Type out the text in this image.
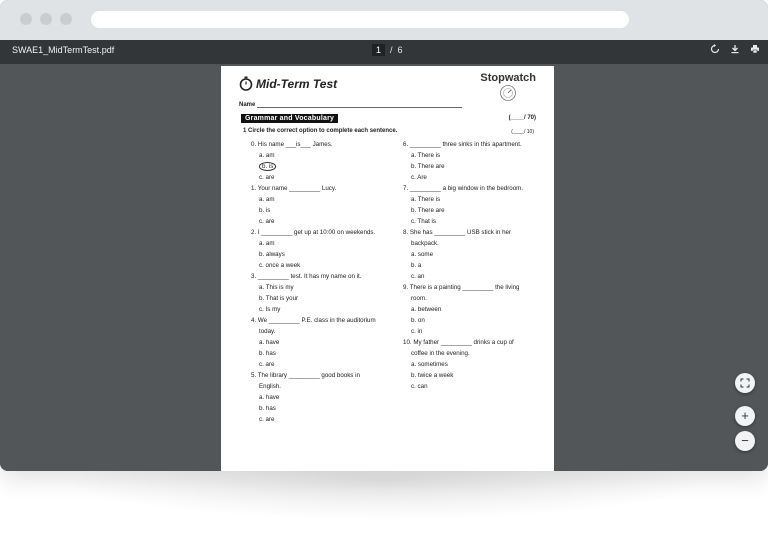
SWAE1_MidTermTest.pdf	1	/ 6
Mid-Term Test	Stopwatch
Name
Grammar and Vocabulary	(____/ 70)
1 Circle the correct option to complete each sentence.	(____/ 10)
0. His name ___is___ James.
a. am
b. is
c. are
1. Your name _________ Lucy.
a. am
b. is
c. are
2. I _________ get up at 10:00 on weekends.
a. am
b. always
c. once a week
3. _________ test. It has my name on it.
a. This is my
b. That is your
c. Is my
4. We _________ P.E. class in the auditorium
today.
a. have
b. has
c. are
5. The library _________ good books in
English.
a. have
b. has
c. are
6. _________ three sinks in this apartment.
a. There is
b. There are
c. Are
7. _________ a big window in the bedroom.
a. There is
b. There are
c. That is
8. She has _________ USB stick in her
backpack.
a. some
b. a
c. an
9. There is a painting _________ the living
room.
a. between
b. on
c. in
10. My father _________ drinks a cup of
coffee in the evening.
a. sometimes
b. twice a week
c. can
+
−
